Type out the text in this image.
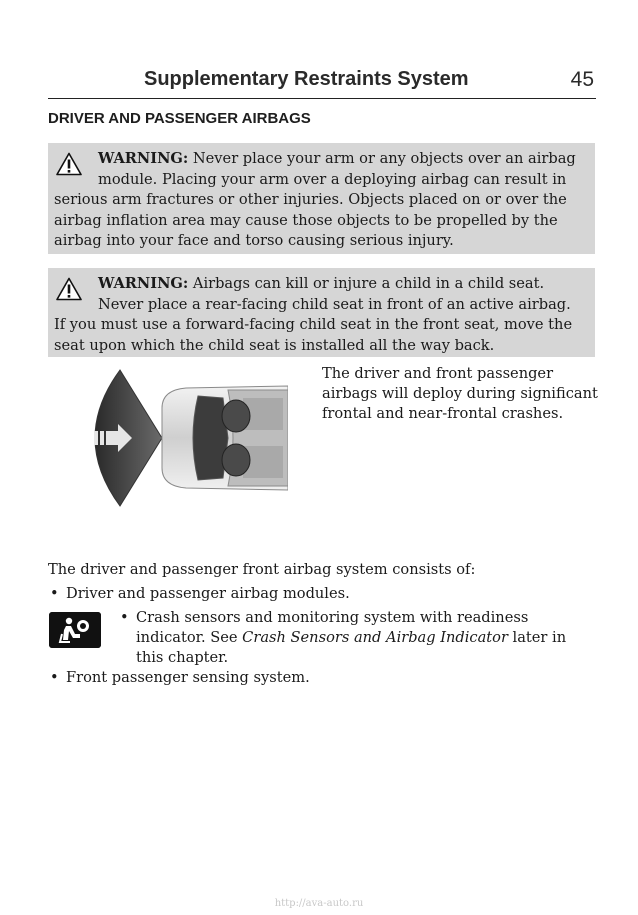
Supplementary Restraints System	45
DRIVER AND PASSENGER AIRBAGS

WARNING: Never place your arm or any objects over an airbag
module. Placing your arm over a deploying airbag can result in
serious arm fractures or other injuries. Objects placed on or over the
airbag inflation area may cause those objects to be propelled by the
airbag into your face and torso causing serious injury.

WARNING: Airbags can kill or injure a child in a child seat.
Never place a rear-facing child seat in front of an active airbag.
If you must use a forward-facing child seat in the front seat, move the
seat upon which the child seat is installed all the way back.

The driver and front passenger
airbags will deploy during significant
frontal and near-frontal crashes.

The driver and passenger front airbag system consists of:

• Driver and passenger airbag modules.
• Crash sensors and monitoring system with readiness
indicator. See Crash Sensors and Airbag Indicator later in
this chapter.
• Front passenger sensing system.
http://ava-auto.ru
